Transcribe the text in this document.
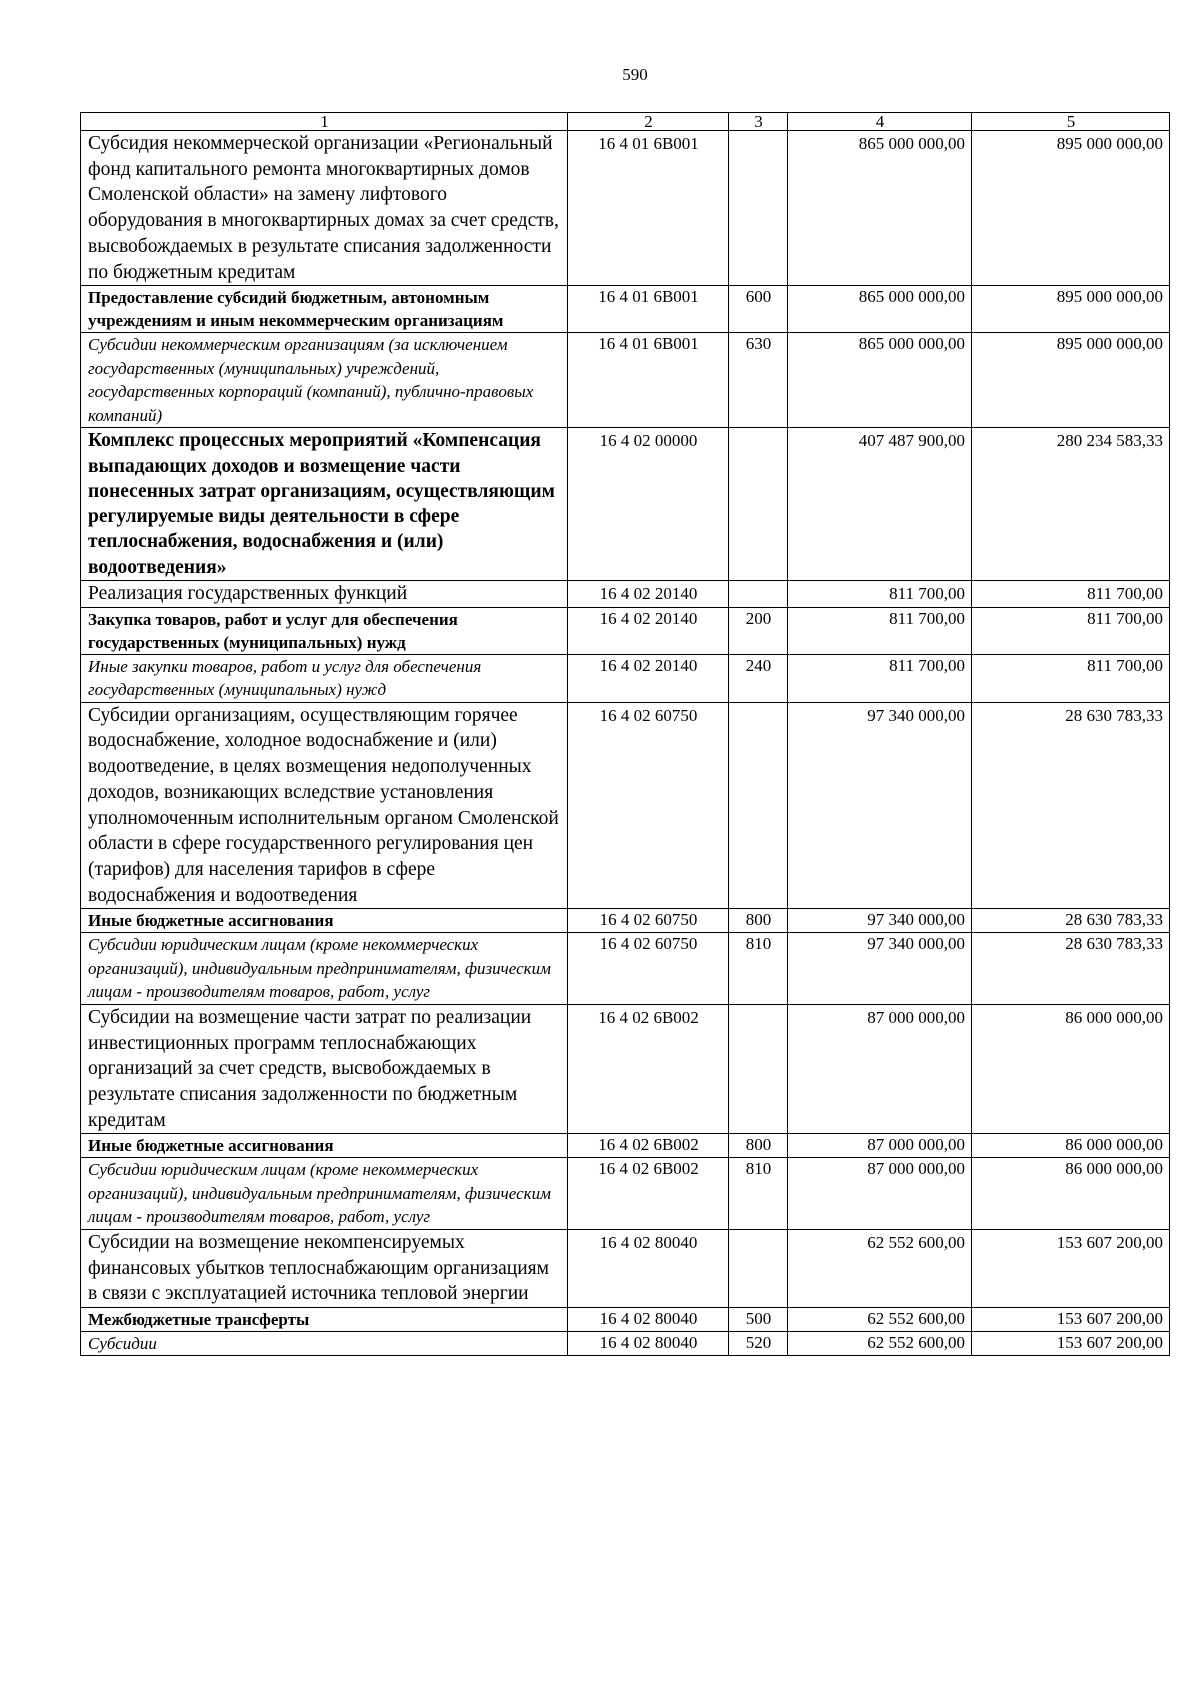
590
1	2	3	4	5
Субсидия некоммерческой организации «Региональный фонд капитального ремонта многоквартирных домов Смоленской области» на замену лифтового оборудования в многоквартирных домах за счет средств, высвобождаемых в результате списания задолженности по бюджетным кредитам	16 4 01 6В001		865 000 000,00	895 000 000,00
Предоставление субсидий бюджетным, автономным учреждениям и иным некоммерческим организациям	16 4 01 6В001	600	865 000 000,00	895 000 000,00
Субсидии некоммерческим организациям (за исключением государственных (муниципальных) учреждений, государственных корпораций (компаний), публично-правовых компаний)	16 4 01 6В001	630	865 000 000,00	895 000 000,00
Комплекс процессных мероприятий «Компенсация выпадающих доходов и возмещение части понесенных затрат организациям, осуществляющим регулируемые виды деятельности в сфере теплоснабжения, водоснабжения и (или) водоотведения»	16 4 02 00000		407 487 900,00	280 234 583,33
Реализация государственных функций	16 4 02 20140		811 700,00	811 700,00
Закупка товаров, работ и услуг для обеспечения государственных (муниципальных) нужд	16 4 02 20140	200	811 700,00	811 700,00
Иные закупки товаров, работ и услуг для обеспечения государственных (муниципальных) нужд	16 4 02 20140	240	811 700,00	811 700,00
Субсидии организациям, осуществляющим горячее водоснабжение, холодное водоснабжение и (или) водоотведение, в целях возмещения недополученных доходов, возникающих вследствие установления уполномоченным исполнительным органом Смоленской области в сфере государственного регулирования цен (тарифов) для населения тарифов в сфере водоснабжения и водоотведения	16 4 02 60750		97 340 000,00	28 630 783,33
Иные бюджетные ассигнования	16 4 02 60750	800	97 340 000,00	28 630 783,33
Субсидии юридическим лицам (кроме некоммерческих организаций), индивидуальным предпринимателям, физическим лицам - производителям товаров, работ, услуг	16 4 02 60750	810	97 340 000,00	28 630 783,33
Субсидии на возмещение части затрат по реализации инвестиционных программ теплоснабжающих организаций за счет средств, высвобождаемых в результате списания задолженности по бюджетным кредитам	16 4 02 6В002		87 000 000,00	86 000 000,00
Иные бюджетные ассигнования	16 4 02 6В002	800	87 000 000,00	86 000 000,00
Субсидии юридическим лицам (кроме некоммерческих организаций), индивидуальным предпринимателям, физическим лицам - производителям товаров, работ, услуг	16 4 02 6В002	810	87 000 000,00	86 000 000,00
Субсидии на возмещение некомпенсируемых финансовых убытков теплоснабжающим организациям в связи с эксплуатацией источника тепловой энергии	16 4 02 80040		62 552 600,00	153 607 200,00
Межбюджетные трансферты	16 4 02 80040	500	62 552 600,00	153 607 200,00
Субсидии	16 4 02 80040	520	62 552 600,00	153 607 200,00
